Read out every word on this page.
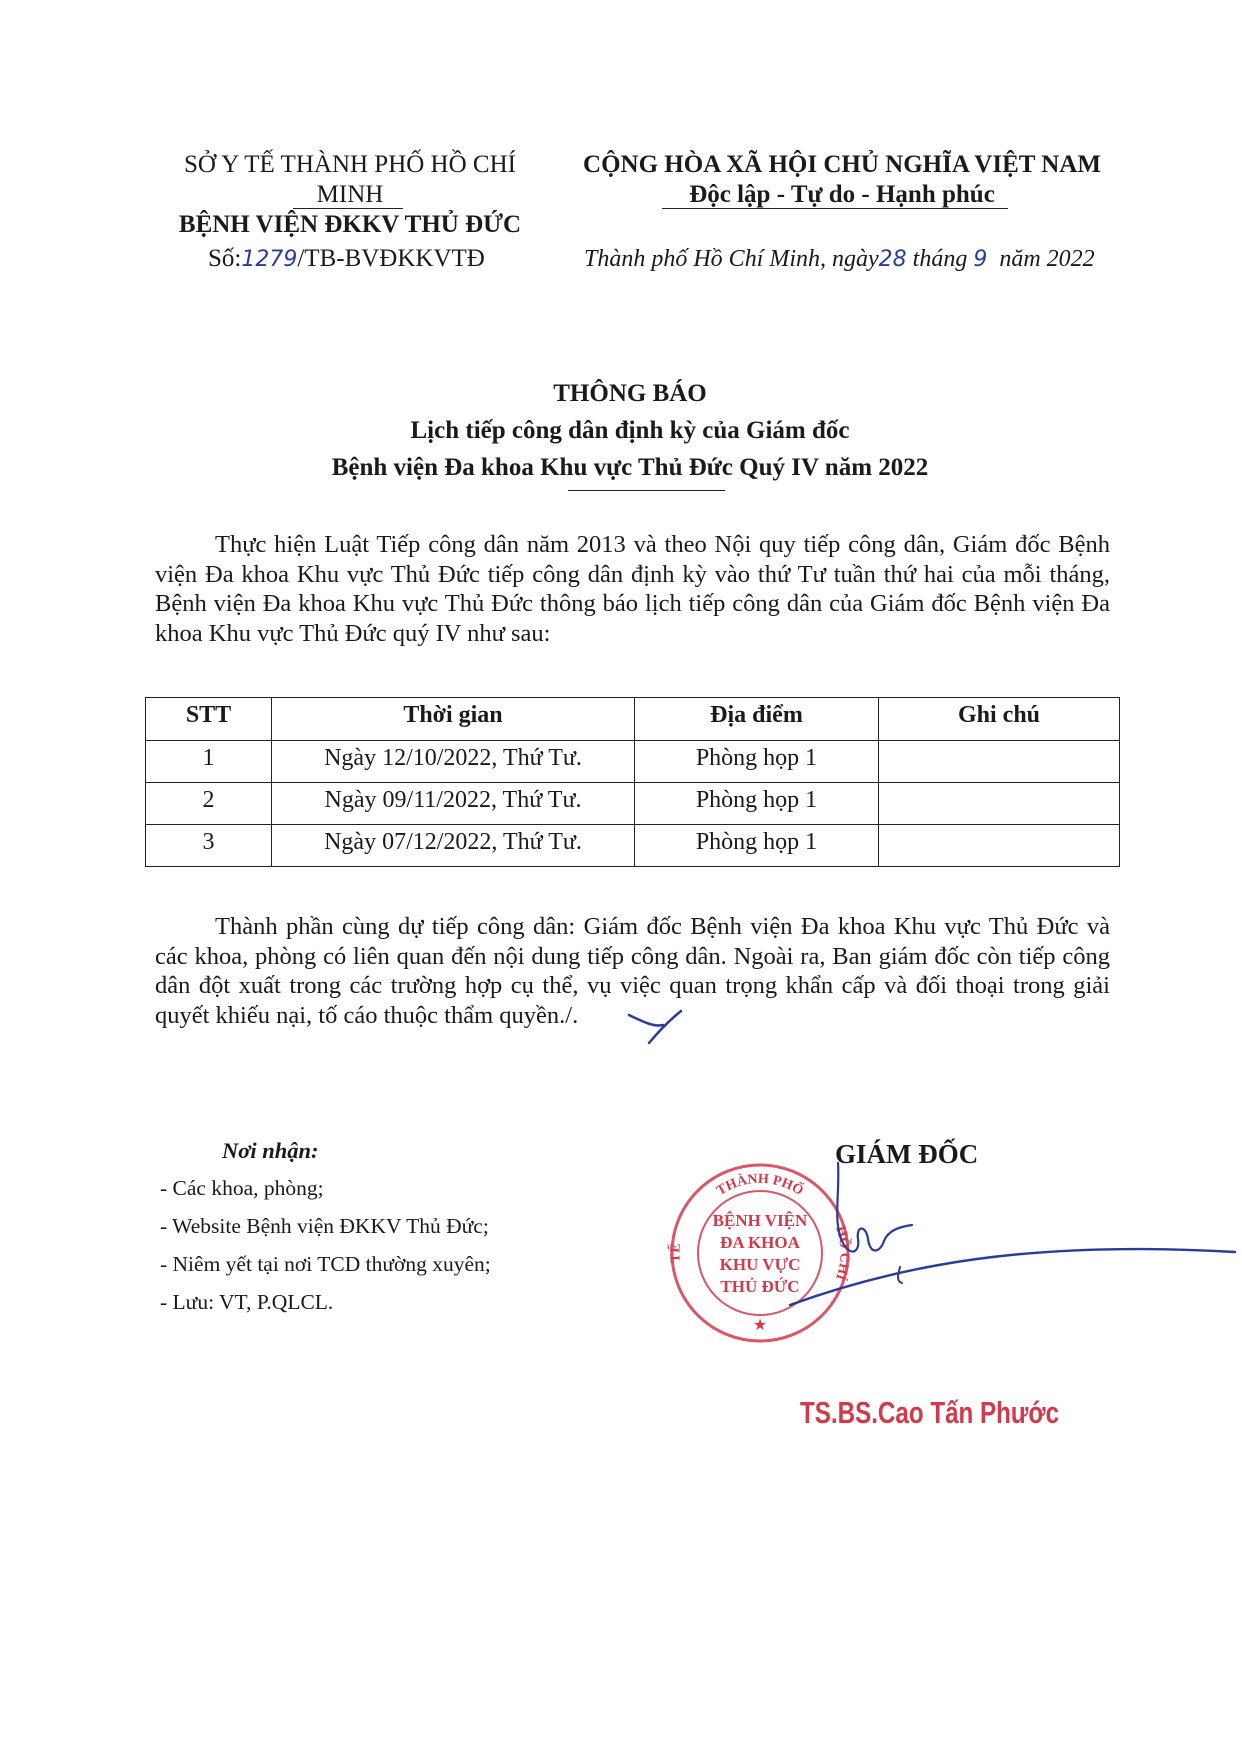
SỞ Y TẾ THÀNH PHỐ HỒ CHÍ MINH
BỆNH VIỆN ĐKKV THỦ ĐỨC
CỘNG HÒA XÃ HỘI CHỦ NGHĨA VIỆT NAM
Độc lập - Tự do - Hạnh phúc
Số:1279/TB-BVĐKKVTĐ	Thành phố Hồ Chí Minh, ngày28 tháng 9 năm 2022
THÔNG BÁO
Lịch tiếp công dân định kỳ của Giám đốc
Bệnh viện Đa khoa Khu vực Thủ Đức Quý IV năm 2022
Thực hiện Luật Tiếp công dân năm 2013 và theo Nội quy tiếp công dân, Giám đốc Bệnh viện Đa khoa Khu vực Thủ Đức tiếp công dân định kỳ vào thứ Tư tuần thứ hai của mỗi tháng, Bệnh viện Đa khoa Khu vực Thủ Đức thông báo lịch tiếp công dân của Giám đốc Bệnh viện Đa khoa Khu vực Thủ Đức quý IV như sau:
STT	Thời gian	Địa điểm	Ghi chú
1	Ngày 12/10/2022, Thứ Tư.	Phòng họp 1	
2	Ngày 09/11/2022, Thứ Tư.	Phòng họp 1	
3	Ngày 07/12/2022, Thứ Tư.	Phòng họp 1	
Thành phần cùng dự tiếp công dân: Giám đốc Bệnh viện Đa khoa Khu vực Thủ Đức và các khoa, phòng có liên quan đến nội dung tiếp công dân. Ngoài ra, Ban giám đốc còn tiếp công dân đột xuất trong các trường hợp cụ thể, vụ việc quan trọng khẩn cấp và đối thoại trong giải quyết khiếu nại, tố cáo thuộc thẩm quyền./.
Nơi nhận:
- Các khoa, phòng;
- Website Bệnh viện ĐKKV Thủ Đức;
- Niêm yết tại nơi TCD thường xuyên;
- Lưu: VT, P.QLCL.
GIÁM ĐỐC
THÀNH PHỐ
HỒ CHÍ
TẾ
BỆNH VIỆN
ĐA KHOA
KHU VỰC
THỦ ĐỨC
★
TS.BS.Cao Tấn Phước
